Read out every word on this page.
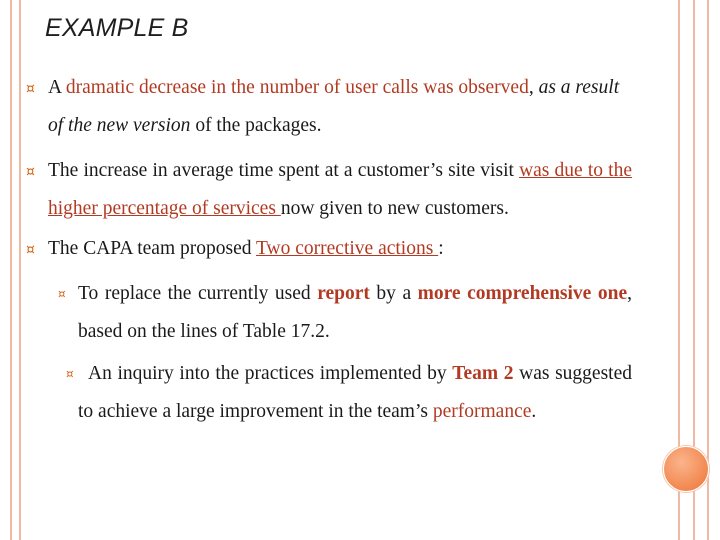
EXAMPLE B
¤ A dramatic decrease in the number of user calls was observed, as a result of the new version of the packages.
¤ The increase in average time spent at a customer’s site visit was due to the higher percentage of services now given to new customers.
¤ The CAPA team proposed Two corrective actions :
¤ To replace the currently used report by a more comprehensive one, based on the lines of Table 17.2.
¤ An inquiry into the practices implemented by Team 2 was suggested to achieve a large improvement in the team’s performance.
